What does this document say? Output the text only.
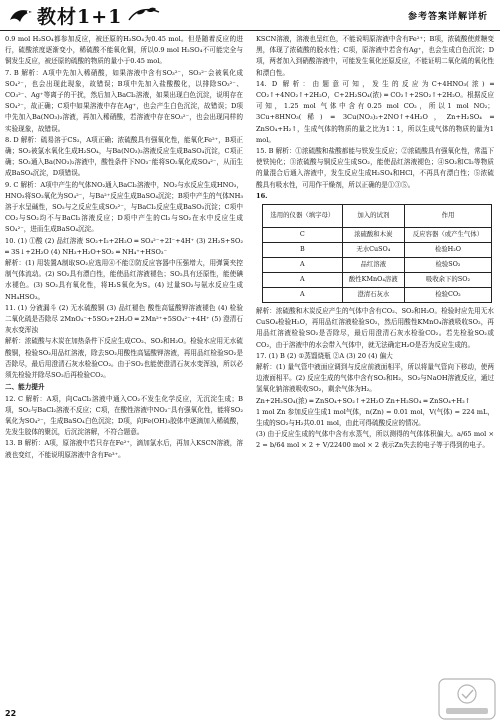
教材1+1	参考答案详解详析
0.9 mol H₂SO₄都参加反应，被还原的H₂SO₄为0.45 mol。但是随着反应的进行，硫酸浓度逐渐变小，稀硫酸不能氧化铜，所以0.9 mol H₂SO₄不可能完全与铜发生反应，被还原的硫酸的物质的量小于0.45 mol。
7. B 解析：A项中先加入稀硝酸，如果溶液中含有SO₃²⁻，SO₃²⁻会被氧化成SO₄²⁻，也会出现此现象，故错误；B项中先加入盐酸酸化，以排除SO₃²⁻、CO₃²⁻、Ag⁺等离子的干扰，然后加入BaCl₂溶液，如果出现白色沉淀，说明存在SO₄²⁻，故正确；C项中如果溶液中存在Ag⁺，也会产生白色沉淀，故错误；D项中先加入Ba(NO₃)₂溶液，再加入稀硝酸，若溶液中存在SO₃²⁻，也会出现同样的实验现象，故错误。
8. D 解析：硫易溶于CS₂，A项正确；浓硫酸具有强氧化性，能氧化Fe²⁺，B项正确；SO₂被氯水氧化生成H₂SO₄，与Ba(NO₃)₂溶液反应生成BaSO₄沉淀，C项正确；SO₂通入Ba(NO₃)₂溶液中，酸性条件下NO₃⁻能将SO₂氧化成SO₄²⁻，从而生成BaSO₄沉淀，D项错误。
9. C 解析：A项中产生的气体NO₂通入BaCl₂溶液中，NO₂与水反应生成HNO₃，HNO₃将SO₂氧化为SO₄²⁻，与Ba²⁺反应生成BaSO₄沉淀；B项中产生的气体NH₃溶于水呈碱性，SO₂与之反应生成SO₃²⁻，与BaCl₂反应生成BaSO₃沉淀；C项中CO₂与SO₂均不与BaCl₂溶液反应；D项中产生的Cl₂与SO₂在水中反应生成SO₄²⁻，进而生成BaSO₄沉淀。
10. (1) ①酸 (2) 品红溶液 SO₂+I₂+2H₂O ═ SO₄²⁻+2I⁻+4H⁺ (3) 2H₂S+SO₂ ═ 3S↓+2H₂O (4) NH₃+H₂O+SO₂ ═ NH₄⁺+HSO₃⁻
解析：(1) 用装置A制取SO₂应选用④不能②防反应容器中压强增大，用弹簧夹控制气体流动。(2) SO₂具有漂白性，能使品红溶液褪色；SO₂具有还原性，能使碘水褪色。(3) SO₂具有氧化性，将H₂S氧化为S。(4) 过量SO₂与氨水反应生成NH₄HSO₃。
11. (1) 分液漏斗 (2) 无水硫酸铜 (3) 品红褪色 酸性高锰酸钾溶液褪色 (4) 检验二氧化硫是否除尽 2MnO₄⁻+5SO₂+2H₂O ═ 2Mn²⁺+5SO₄²⁻+4H⁺ (5) 澄清石灰水变浑浊
解析：浓硫酸与木炭在加热条件下反应生成CO₂、SO₂和H₂O。检验水应用无水硫酸铜，检验SO₂用品红溶液，除去SO₂用酸性高锰酸钾溶液，再用品红检验SO₂是否除尽，最后用澄清石灰水检验CO₂。由于SO₂也能使澄清石灰水变浑浊，所以必须先检验并除尽SO₂后再检验CO₂。
二、能力提升
12. C 解析：A项，向CaCl₂溶液中通入CO₂不发生化学反应，无沉淀生成；B项，SO₂与BaCl₂溶液不反应；C项，在酸性溶液中NO₃⁻具有强氧化性，能将SO₂氧化为SO₄²⁻，生成BaSO₄白色沉淀；D项，向Fe(OH)₃胶体中逐滴加入稀硫酸，先发生胶体的聚沉，后沉淀溶解，不符合题意。
13. B 解析：A项，原溶液中若只存在Fe²⁺，滴加氯水后，再加入KSCN溶液，溶液也变红，不能说明原溶液中含有Fe³⁺。
KSCN溶液，溶液也呈红色，不能说明原溶液中含有Fe²⁺；B项，浓硫酸使蔗糖变黑，体现了浓硫酸的脱水性；C项，原溶液中若含有Ag⁺，也会生成白色沉淀；D项，两者加入到硝酸溶液中，可能发生氧化还原反应，不能证明二氧化硫的氧化性和漂白性。
14. D 解析：由题意可知，发生的反应为C+4HNO₃(浓) ═ CO₂↑+4NO₂↑+2H₂O，C+2H₂SO₄(浓) ═ CO₂↑+2SO₂↑+2H₂O。根据反应可知，1.25 mol 气体中含有0.25 mol CO₂，所以1 mol NO₂；3Cu+8HNO₃(稀) ═ 3Cu(NO₃)₂+2NO↑+4H₂O，Zn+H₂SO₄ ═ ZnSO₄+H₂↑，生成气体的物质的量之比为1∶1，所以生成气体的物质的量为1 mol。
15. B 解析：①浓硫酸和盐酸都能与铁发生反应；②浓硫酸具有强氧化性，常温下使铁钝化；③浓硫酸与铜反应生成SO₂，能使品红溶液褪色；④SO₂和Cl₂等物质的量混合后通入溶液中，发生反应生成H₂SO₄和HCl，不再具有漂白性；⑤浓硫酸具有吸水性，可用作干燥剂，所以正确的是①③⑤。
16.
选用的仪器（填字母）	加入的试剂	作用
C	浓硫酸和木炭	反应容器（或产生气体）
B	无水CuSO₄	检验H₂O
A	品红溶液	检验SO₂
A	酸性KMnO₄溶液	吸收余下的SO₂
A	澄清石灰水	检验CO₂
解析：浓硫酸和木炭反应产生的气体中含有CO₂、SO₂和H₂O。检验时应先用无水CuSO₄检验H₂O，再用品红溶液检验SO₂，然后用酸性KMnO₄溶液吸收SO₂，再用品红溶液检验SO₂是否除尽，最后用澄清石灰水检验CO₂。若先检验SO₂或CO₂，由于溶液中的水会带入气体中，就无法确定H₂O是否为反应生成的。
17. (1) B (2) ①蒸馏烧瓶 ②A (3) 20 (4) 偏大
解析：(1) 量气管中液面应调到与反应前液面相平，所以将量气管向下移动，使两边液面相平。(2) 反应生成的气体中含有SO₂和H₂，SO₂与NaOH溶液反应，通过氢氧化钠溶液吸收SO₂，剩余气体为H₂。
Zn+2H₂SO₄(浓) ═ ZnSO₄+SO₂↑+2H₂O Zn+H₂SO₄ ═ ZnSO₄+H₂↑
1 mol Zn 参加反应生成1 mol气体，n(Zn) = 0.01 mol，V(气体) = 224 mL，生成的SO₂与H₂共0.01 mol，由此可得硫酸反应的情况。
(3) 由于反应生成的气体中含有水蒸气，所以测得的气体体积偏大。a/65 mol × 2 = b/64 mol × 2 + V/22400 mol × 2 表示Zn失去的电子等于得到的电子。
22
